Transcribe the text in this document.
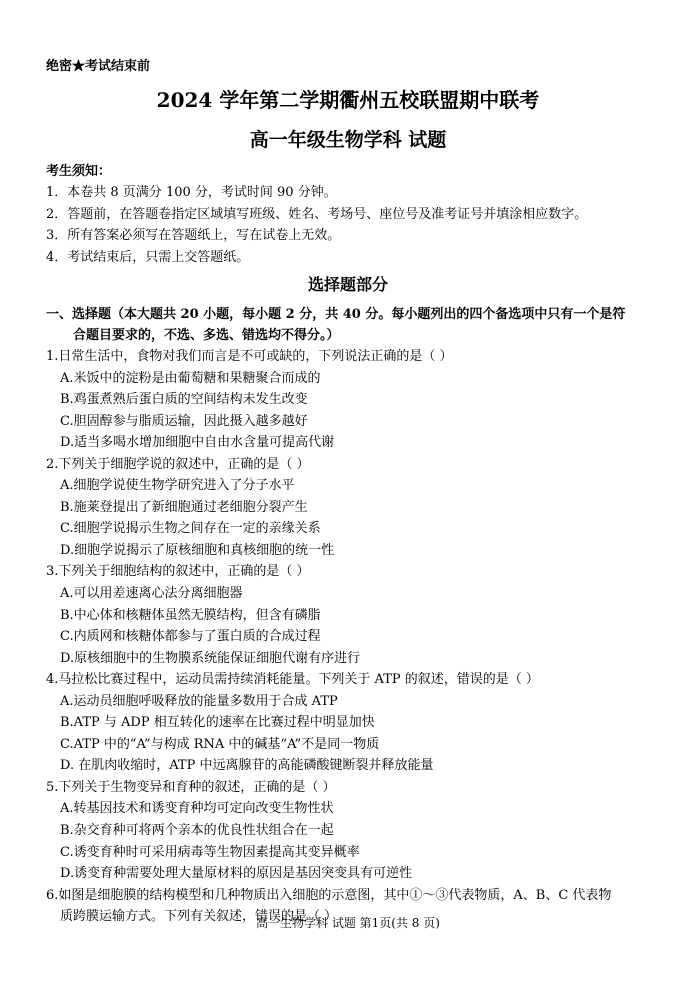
绝密★考试结束前
2024 学年第二学期衢州五校联盟期中联考
高一年级生物学科 试题
考生须知：
1．本卷共 8 页满分 100 分，考试时间 90 分钟。
2．答题前，在答题卷指定区域填写班级、姓名、考场号、座位号及准考证号并填涂相应数字。
3．所有答案必须写在答题纸上，写在试卷上无效。
4．考试结束后，只需上交答题纸。
选择题部分
一、选择题（本大题共 20 小题，每小题 2 分，共 40 分。每小题列出的四个备选项中只有一个是符
合题目要求的，不选、多选、错选均不得分。）
1.日常生活中，食物对我们而言是不可或缺的，下列说法正确的是（ ）
A.米饭中的淀粉是由葡萄糖和果糖聚合而成的
B.鸡蛋煮熟后蛋白质的空间结构未发生改变
C.胆固醇参与脂质运输，因此摄入越多越好
D.适当多喝水增加细胞中自由水含量可提高代谢
2.下列关于细胞学说的叙述中，正确的是（ ）
A.细胞学说使生物学研究进入了分子水平
B.施莱登提出了新细胞通过老细胞分裂产生
C.细胞学说揭示生物之间存在一定的亲缘关系
D.细胞学说揭示了原核细胞和真核细胞的统一性
3.下列关于细胞结构的叙述中，正确的是（ ）
A.可以用差速离心法分离细胞器
B.中心体和核糖体虽然无膜结构，但含有磷脂
C.内质网和核糖体都参与了蛋白质的合成过程
D.原核细胞中的生物膜系统能保证细胞代谢有序进行
4.马拉松比赛过程中，运动员需持续消耗能量。下列关于 ATP 的叙述，错误的是（ ）
A.运动员细胞呼吸释放的能量多数用于合成 ATP
B.ATP 与 ADP 相互转化的速率在比赛过程中明显加快
C.ATP 中的“A”与构成 RNA 中的碱基“A”不是同一物质
D. 在肌肉收缩时，ATP 中远离腺苷的高能磷酸键断裂并释放能量
5.下列关于生物变异和育种的叙述，正确的是（ ）
A.转基因技术和诱变育种均可定向改变生物性状
B.杂交育种可将两个亲本的优良性状组合在一起
C.诱变育种时可采用病毒等生物因素提高其变异概率
D.诱变育种需要处理大量原材料的原因是基因突变具有可逆性
6.如图是细胞膜的结构模型和几种物质出入细胞的示意图，其中①～③代表物质，A、B、C 代表物
质跨膜运输方式。下列有关叙述，错误的是（ ）
高一生物学科 试题 第1页(共 8 页)
